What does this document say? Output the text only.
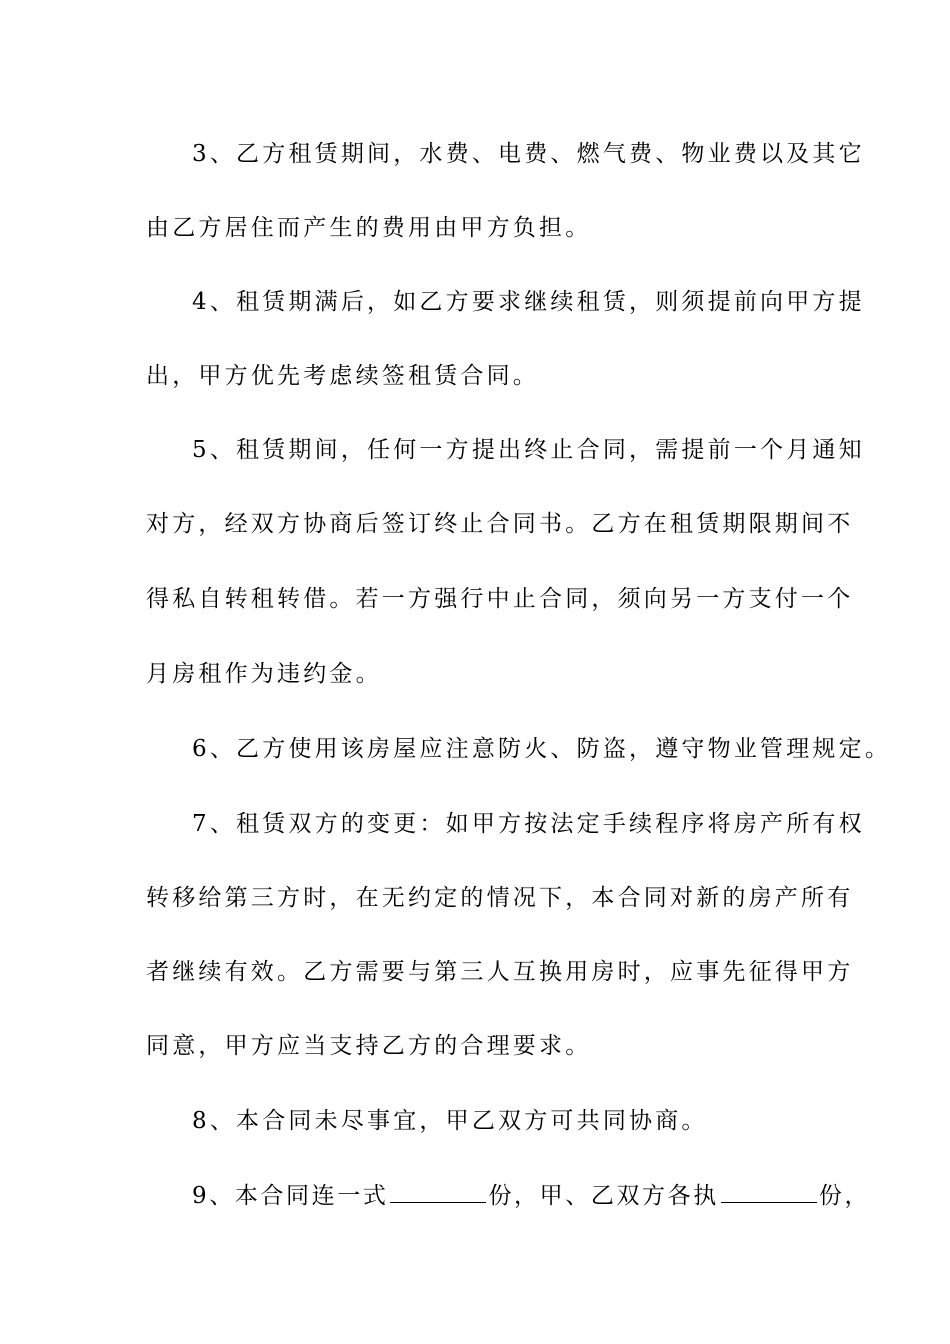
3、乙方租赁期间，水费、电费、燃气费、物业费以及其它
由乙方居住而产生的费用由甲方负担。
4、租赁期满后，如乙方要求继续租赁，则须提前向甲方提
出，甲方优先考虑续签租赁合同。
5、租赁期间，任何一方提出终止合同，需提前一个月通知
对方，经双方协商后签订终止合同书。乙方在租赁期限期间不
得私自转租转借。若一方强行中止合同，须向另一方支付一个
月房租作为违约金。
6、乙方使用该房屋应注意防火、防盗，遵守物业管理规定。
7、租赁双方的变更：如甲方按法定手续程序将房产所有权
转移给第三方时，在无约定的情况下，本合同对新的房产所有
者继续有效。乙方需要与第三人互换用房时，应事先征得甲方
同意，甲方应当支持乙方的合理要求。
8、本合同未尽事宜，甲乙双方可共同协商。
9、本合同连一式	份，甲、乙双方各执	份，
